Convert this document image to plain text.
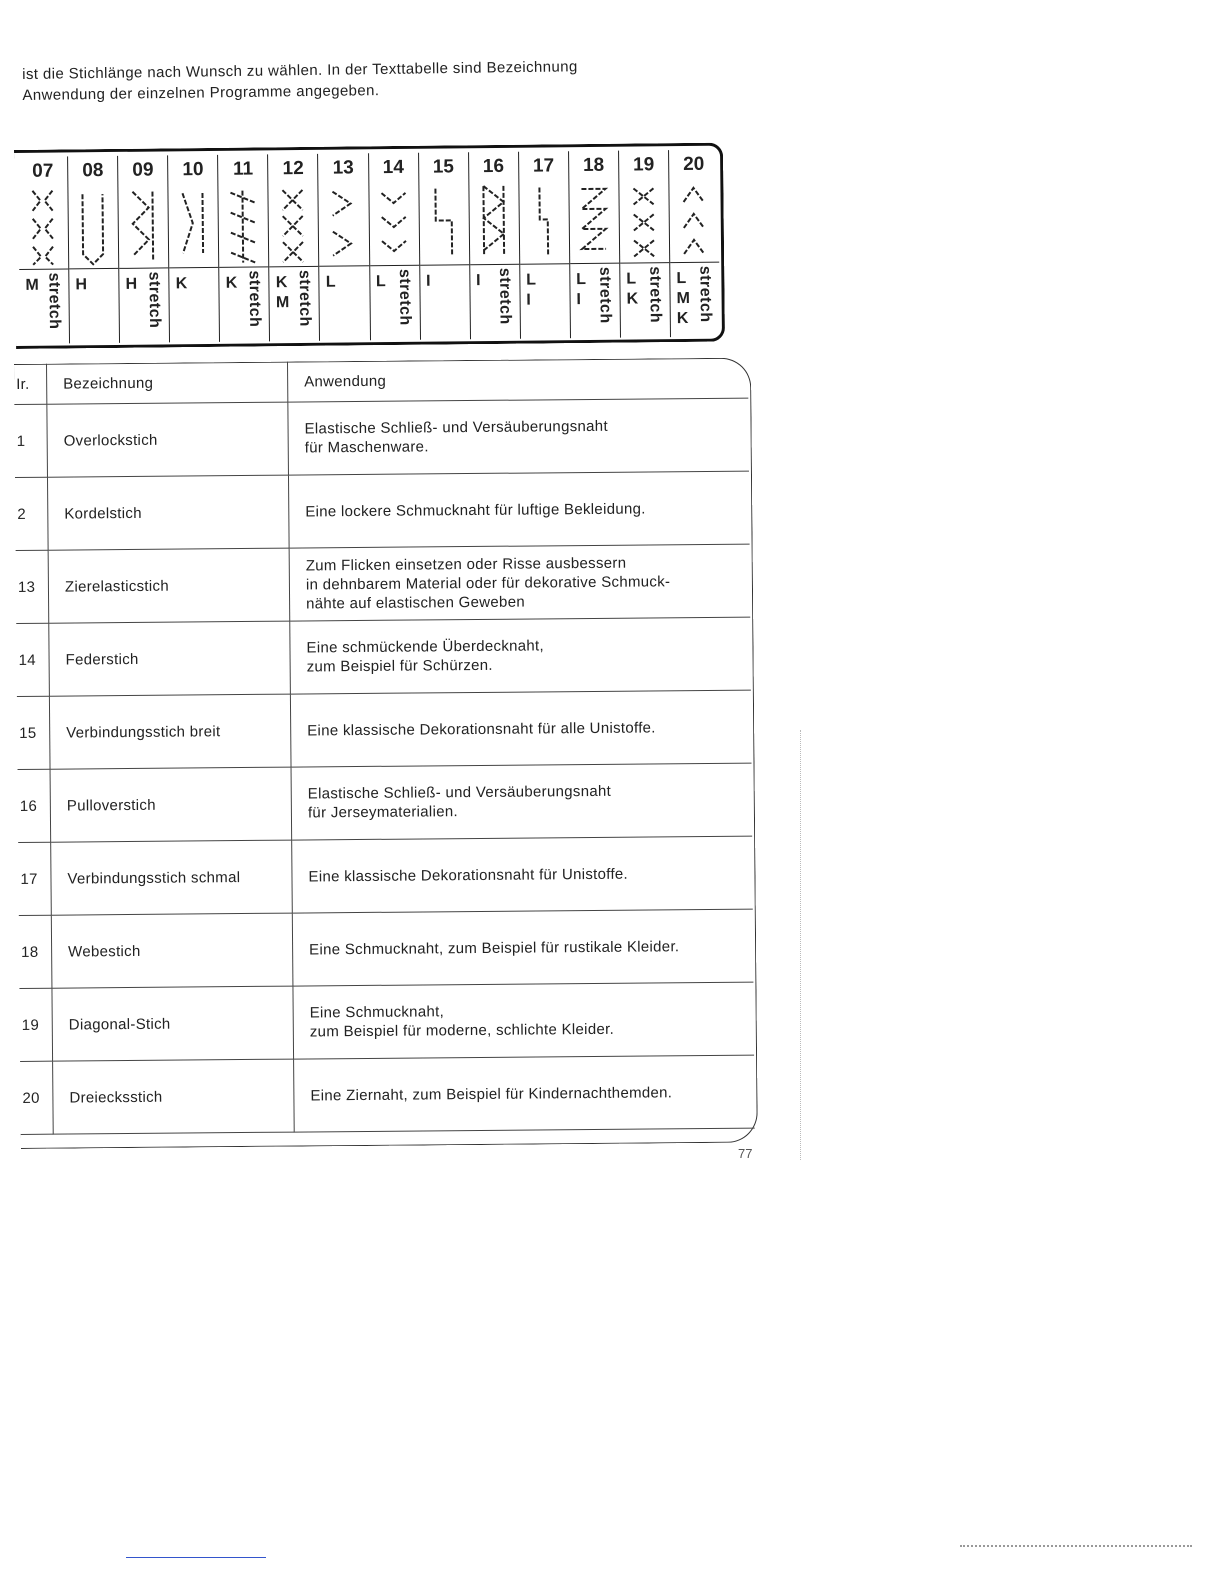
ist die Stichlänge nach Wunsch zu wählen. In der Texttabelle sind Bezeichnung

Anwendung der einzelnen Programme angegeben.

07
M stretch
08
H
09
H stretch
10
K
11
K stretch
12
K
M stretch
13
L
14
L stretch
15
I
16
I stretch
17
L
I
18
L
I stretch
19
L
K stretch
20
L
M
K stretch
Ir.	Bezeichnung	Anwendung
1	Overlockstich	Elastische Schließ- und Versäuberungsnaht
für Maschenware.
2	Kordelstich	Eine lockere Schmucknaht für luftige Bekleidung.
13	Zierelasticstich	Zum Flicken einsetzen oder Risse ausbessern
in dehnbarem Material oder für dekorative Schmuck-
nähte auf elastischen Geweben
14	Federstich	Eine schmückende Überdecknaht,
zum Beispiel für Schürzen.
15	Verbindungsstich breit	Eine klassische Dekorationsnaht für alle Unistoffe.
16	Pulloverstich	Elastische Schließ- und Versäuberungsnaht
für Jerseymaterialien.
17	Verbindungsstich schmal	Eine klassische Dekorationsnaht für Unistoffe.
18	Webestich	Eine Schmucknaht, zum Beispiel für rustikale Kleider.
19	Diagonal-Stich	Eine Schmucknaht,
zum Beispiel für moderne, schlichte Kleider.
20	Dreiecksstich	Eine Ziernaht, zum Beispiel für Kindernachthemden.
77
